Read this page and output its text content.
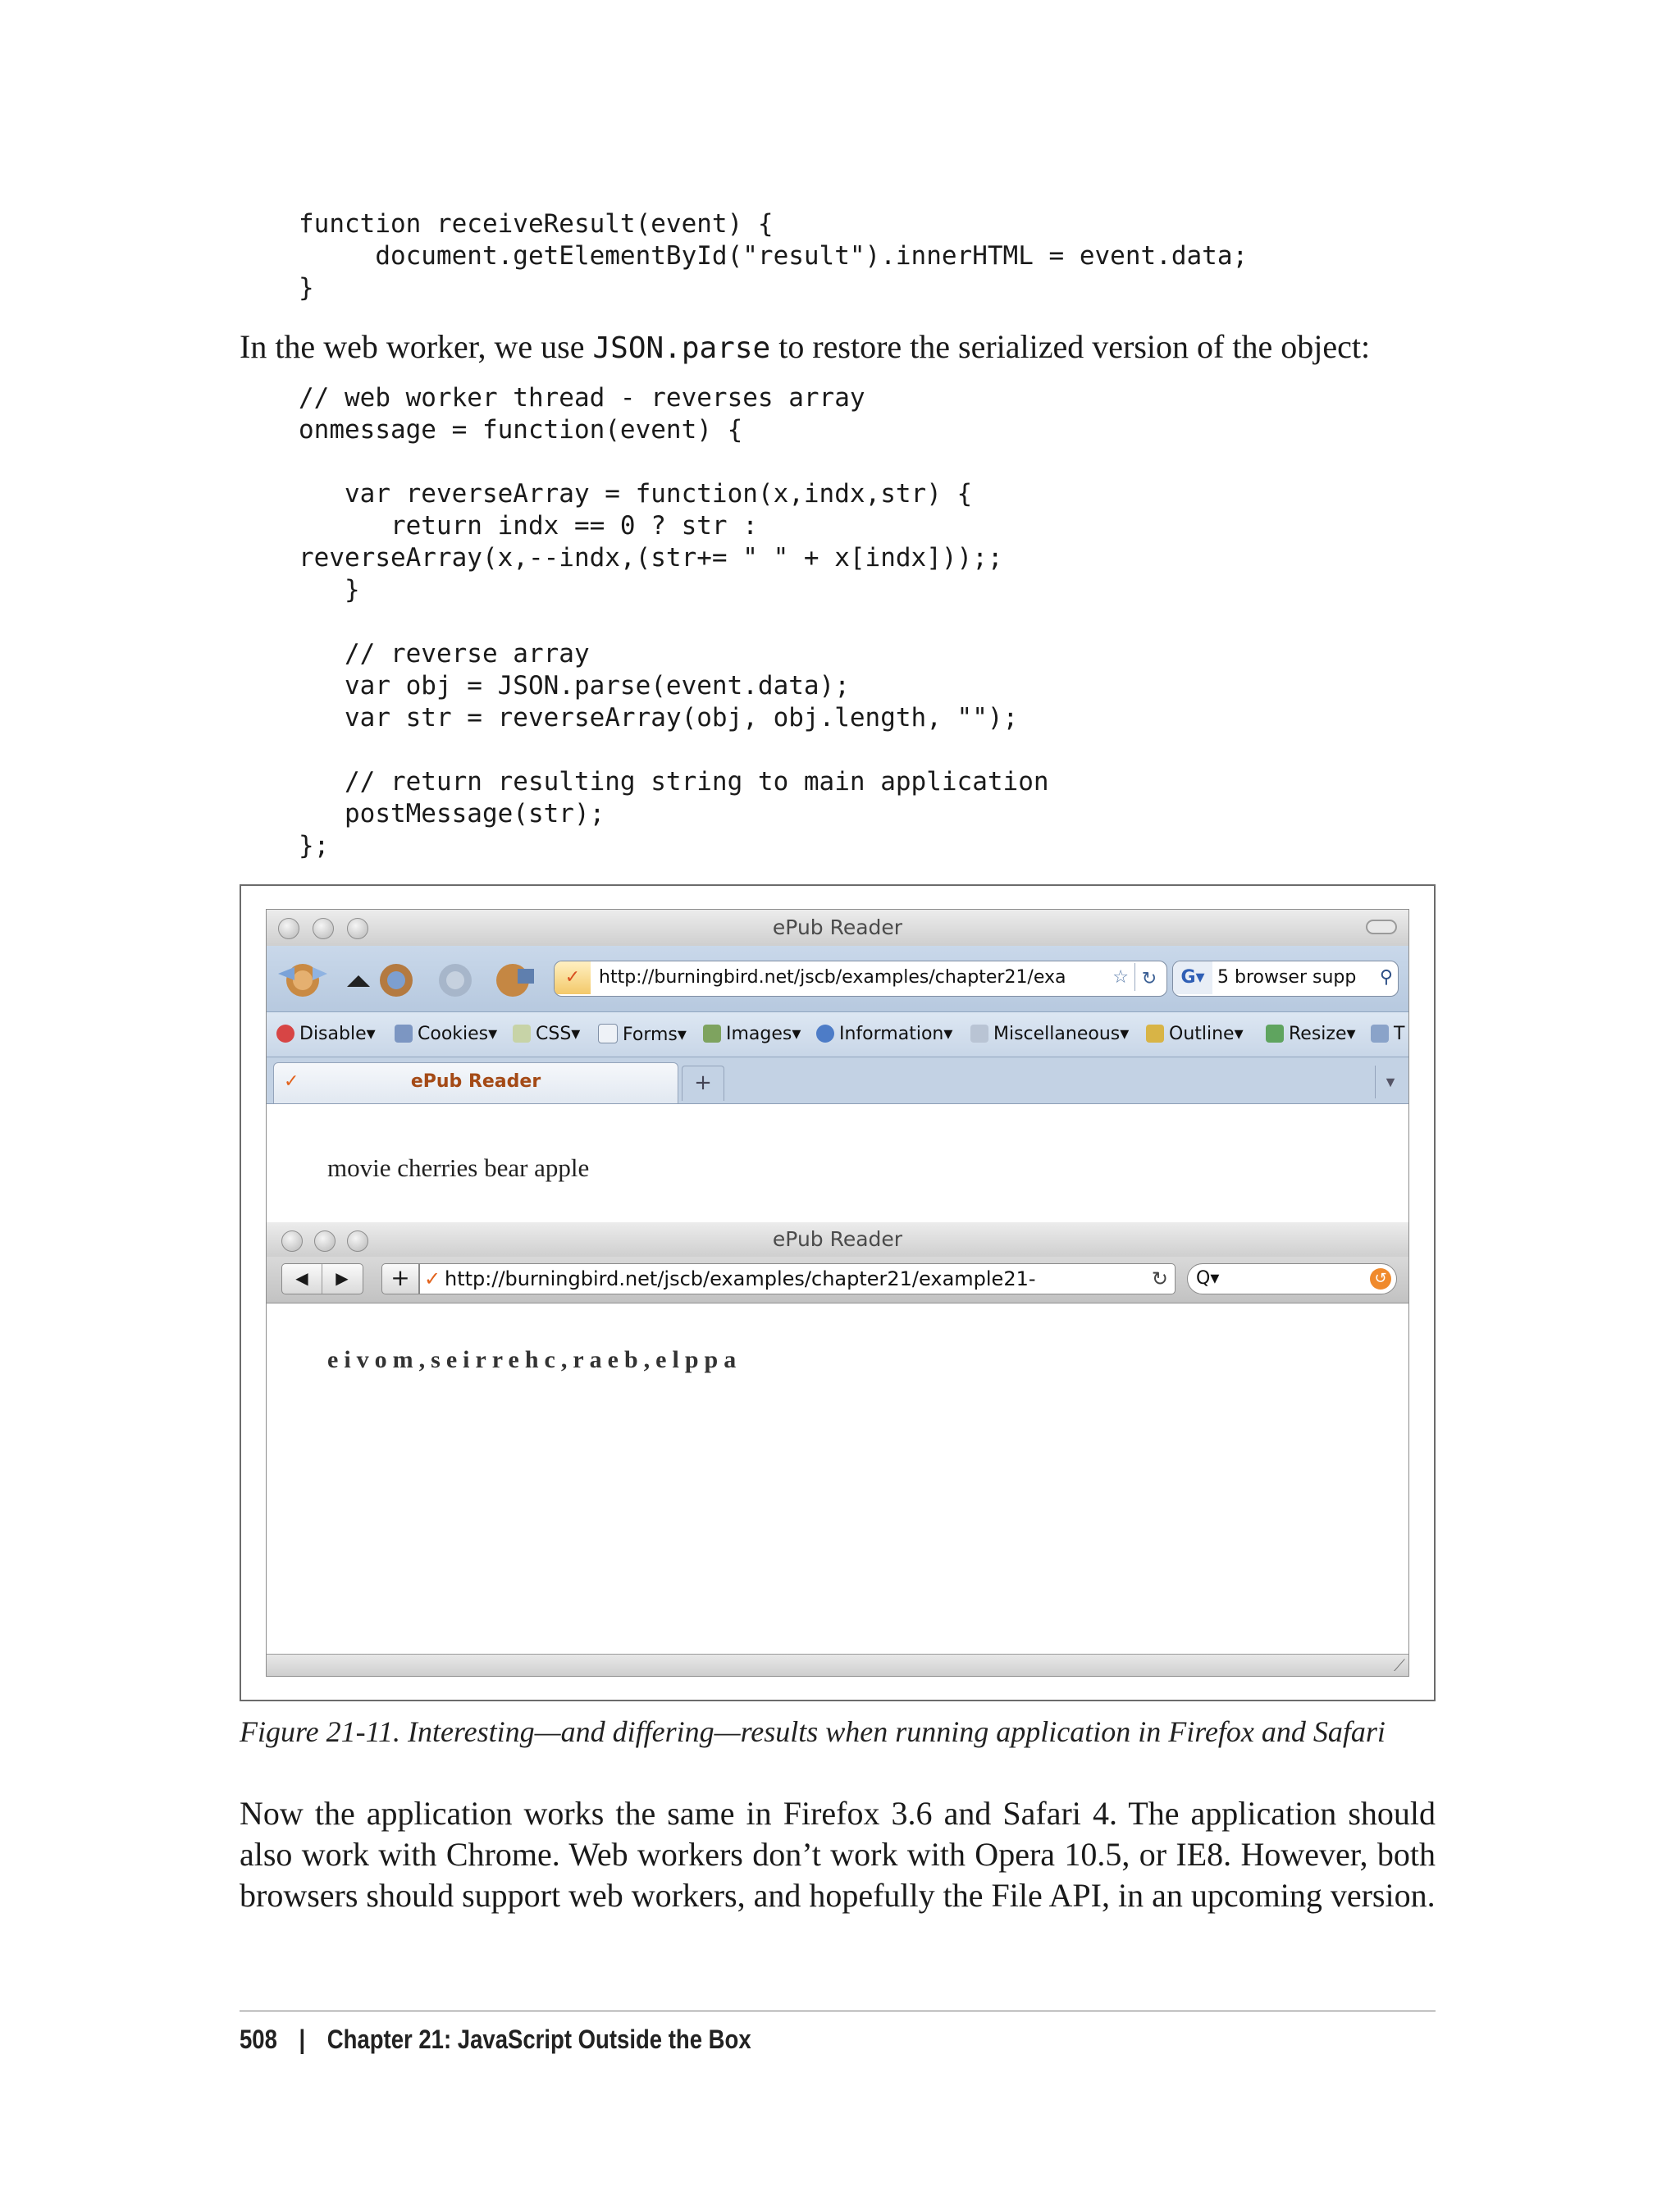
function receiveResult(event) {
document.getElementById("result").innerHTML = event.data;
}
In the web worker, we use JSON.parse to restore the serialized version of the object:
// web worker thread - reverses array
onmessage = function(event) {

var reverseArray = function(x,indx,str) {
return indx == 0 ? str :
reverseArray(x,--indx,(str+= " " + x[indx]));;
}

// reverse array
var obj = JSON.parse(event.data);
var str = reverseArray(obj, obj.length, "");

// return resulting string to main application
postMessage(str);
};
ePub Reader
✓ http://burningbird.net/jscb/examples/chapter21/exa	☆ ↻	G▾ 5 browser supp ⚲
Disable▾	Cookies▾	CSS▾	Forms▾	Images▾	Information▾	Miscellaneous▾	Outline▾	Resize▾	T
✓	ePub Reader	+	▼
movie cherries bear apple
ePub Reader
◀ ▶	+ ✓ http://burningbird.net/jscb/examples/chapter21/example21-	↻	Q▾	↺
eivom,seirrehc,raeb,elppa
⟋
Figure 21-11. Interesting—and differing—results when running application in Firefox and Safari
Now the application works the same in Firefox 3.6 and Safari 4. The application should also work with Chrome. Web workers don’t work with Opera 10.5, or IE8. However, both browsers should support web workers, and hopefully the File API, in an upcoming version.
508 | Chapter 21: JavaScript Outside the Box
